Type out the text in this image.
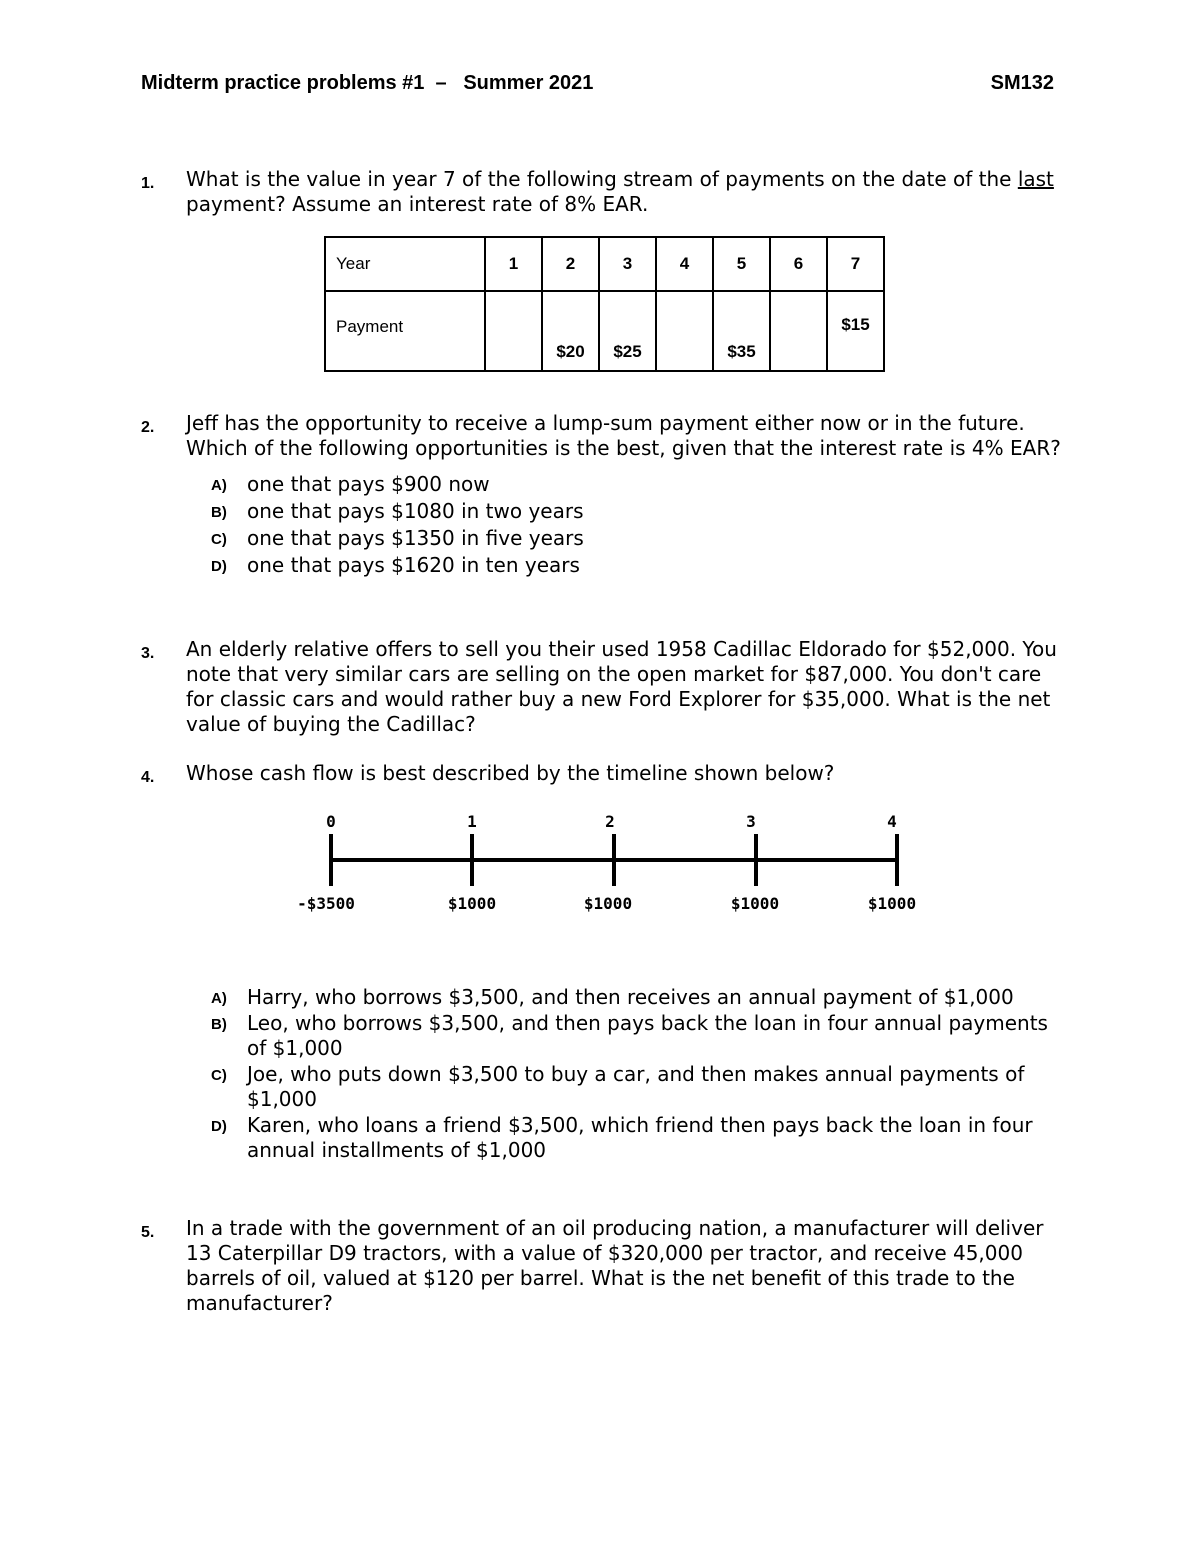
Midterm practice problems #1  –   Summer 2021	SM132
1. What is the value in year 7 of the following stream of payments on the date of the last payment? Assume an interest rate of 8% EAR.
Year	1	2	3	4	5	6	7
Payment		$20	$25		$35		$15
2. Jeff has the opportunity to receive a lump-sum payment either now or in the future. Which of the following opportunities is the best, given that the interest rate is 4% EAR?
A) one that pays $900 now
B) one that pays $1080 in two years
C) one that pays $1350 in five years
D) one that pays $1620 in ten years
3. An elderly relative offers to sell you their used 1958 Cadillac Eldorado for $52,000. You note that very similar cars are selling on the open market for $87,000. You don't care for classic cars and would rather buy a new Ford Explorer for $35,000. What is the net value of buying the Cadillac?
4. Whose cash flow is best described by the timeline shown below?
0	1	2	3	4
-$3500	$1000	$1000	$1000	$1000
A) Harry, who borrows $3,500, and then receives an annual payment of $1,000
B) Leo, who borrows $3,500, and then pays back the loan in four annual payments of $1,000
C) Joe, who puts down $3,500 to buy a car, and then makes annual payments of $1,000
D) Karen, who loans a friend $3,500, which friend then pays back the loan in four annual installments of $1,000
5. In a trade with the government of an oil producing nation, a manufacturer will deliver 13 Caterpillar D9 tractors, with a value of $320,000 per tractor, and receive 45,000 barrels of oil, valued at $120 per barrel. What is the net benefit of this trade to the manufacturer?
